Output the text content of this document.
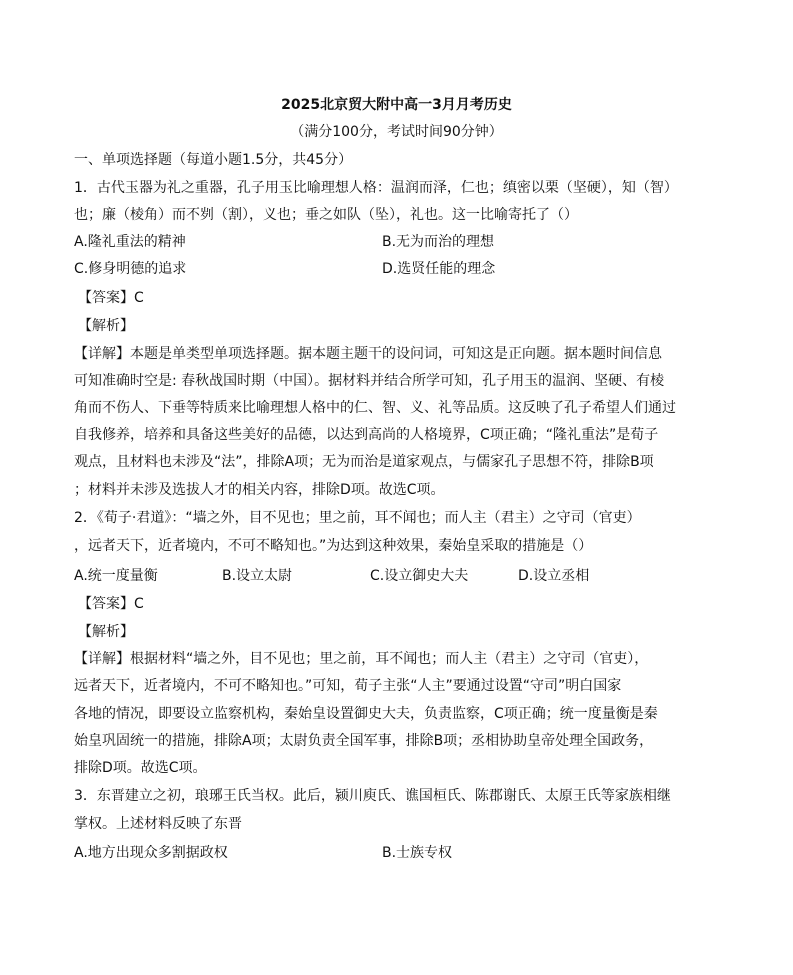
2025北京贸大附中高一3月月考历史
（满分100分，考试时间90分钟）
一、单项选择题（每道小题1.5分，共45分）
1．古代玉器为礼之重器，孔子用玉比喻理想人格：温润而泽，仁也；缜密以栗（坚硬），知（智）
也；廉（棱角）而不刿（割），义也；垂之如队（坠），礼也。这一比喻寄托了（）
A.隆礼重法的精神	B.无为而治的理想
C.修身明德的追求	D.选贤任能的理念
【答案】C
【解析】
【详解】本题是单类型单项选择题。据本题主题干的设问词，可知这是正向题。据本题时间信息
可知准确时空是: 春秋战国时期（中国）。据材料并结合所学可知，孔子用玉的温润、坚硬、有棱
角而不伤人、下垂等特质来比喻理想人格中的仁、智、义、礼等品质。这反映了孔子希望人们通过
自我修养，培养和具备这些美好的品德，以达到高尚的人格境界，C项正确；“隆礼重法”是荀子
观点，且材料也未涉及“法”，排除A项；无为而治是道家观点，与儒家孔子思想不符，排除B项
；材料并未涉及选拔人才的相关内容，排除D项。故选C项。
2．《荀子·君道》：“墙之外，目不见也；里之前，耳不闻也；而人主（君主）之守司（官吏）
，远者天下，近者境内，不可不略知也。”为达到这种效果，秦始皇采取的措施是（）
A.统一度量衡	B.设立太尉	C.设立御史大夫	D.设立丞相
【答案】C
【解析】
【详解】根据材料“墙之外，目不见也；里之前，耳不闻也；而人主（君主）之守司（官吏），
远者天下，近者境内，不可不略知也。”可知，荀子主张“人主”要通过设置“守司”明白国家
各地的情况，即要设立监察机构，秦始皇设置御史大夫，负责监察，C项正确；统一度量衡是秦
始皇巩固统一的措施，排除A项；太尉负责全国军事，排除B项；丞相协助皇帝处理全国政务，
排除D项。故选C项。
3．东晋建立之初，琅琊王氏当权。此后，颍川庾氏、谯国桓氏、陈郡谢氏、太原王氏等家族相继
掌权。上述材料反映了东晋
A.地方出现众多割据政权	B.士族专权
